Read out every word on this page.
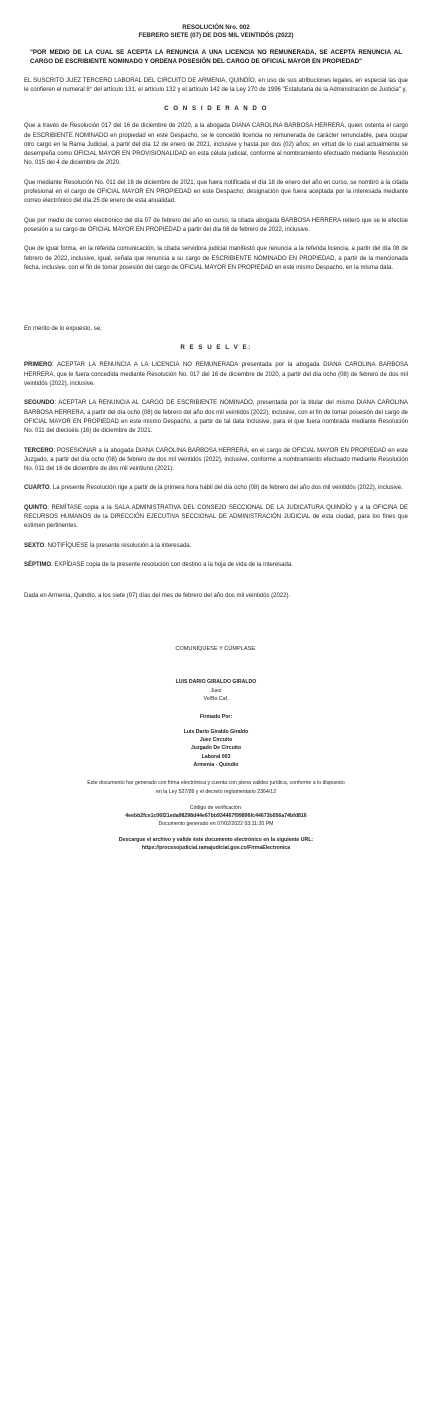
RESOLUCIÓN Nro. 002
FEBRERO SIETE (07) DE DOS MIL VEINTIDÓS (2022)

"POR MEDIO DE LA CUAL SE ACEPTA LA RENUNCIA A UNA LICENCIA NO REMUNERADA, SE ACEPTA RENUNCIA AL CARGO DE ESCRIBIENTE NOMINADO Y ORDENA POSESIÓN DEL CARGO DE OFICIAL MAYOR EN PROPIEDAD"

EL SUSCRITO JUEZ TERCERO LABORAL DEL CIRCUITO DE ARMENIA, QUINDÍO, en uso de sus atribuciones legales, en especial las que le confieren el numeral 8° del artículo 131, el artículo 132 y el artículo 142 de la Ley 270 de 1996 "Estatutaria de la Administración de Justicia" y,

C O N S I D E R A N D O

Que a través de Resolución 017 del 16 de diciembre de 2020, a la abogada DIANA CAROLINA BARBOSA HERRERA, quien ostenta el cargo de ESCRIBIENTE NOMINADO en propiedad en este Despacho, se le concedió licencia no remunerada de carácter renunciable, para ocupar otro cargo en la Rama Judicial, a partir del día 12 de enero de 2021, inclusive y hasta por dos (02) años; en virtud de lo cual actualmente se desempeña como OFICIAL MAYOR EN PROVISIONALIDAD en esta célula judicial, conforme al nombramiento efectuado mediante Resolución No. 015 del 4 de diciembre de 2020.

Que mediante Resolución No. 011 del 16 de diciembre de 2021, que fuera notificada el día 18 de enero del año en curso, se nombró a la citada profesional en el cargo de OFICIAL MAYOR EN PROPIEDAD en este Despacho; designación que fuera aceptada por la interesada mediante correo electrónico del día 25 de enero de esta anualidad.

Que por medio de correo electrónico del día 07 de febrero del año en curso, la citada abogada BARBOSA HERRERA reiteró que se le efectúe posesión a su cargo de OFICIAL MAYOR EN PROPIEDAD a partir del día 08 de febrero de 2022, inclusive.

Que de igual forma, en la referida comunicación, la citada servidora judicial manifestó que renuncia a la referida licencia, a partir del día 08 de febrero de 2022, inclusive, igual, señala que renuncia a su cargo de ESCRIBIENTE NOMINADO EN PROPIEDAD, a partir de la mencionada fecha, inclusive, con el fin de tomar posesión del cargo de OFICIAL MAYOR EN PROPIEDAD en este mismo Despacho, en la misma data.

En mérito de lo expuesto, se,

R E S U E L V E:

PRIMERO: ACEPTAR LA RENUNCIA A LA LICENCIA NO REMUNERADA presentada por la abogada DIANA CAROLINA BARBOSA HERRERA, que le fuera concedida mediante Resolución No. 017 del 16 de diciembre de 2020, a partir del día ocho (08) de febrero de dos mil veintidós (2022), inclusive.

SEGUNDO: ACEPTAR LA RENUNCIA AL CARGO DE ESCRIBIENTE NOMINADO, presentada por la titular del mismo DIANA CAROLINA BARBOSA HERRERA, a partir del día ocho (08) de febrero del año dos mil veintidós (2022), inclusive, con el fin de tomar posesión del cargo de OFICIAL MAYOR EN PROPIEDAD en este mismo Despacho, a partir de tal data inclusive, para el que fuera nombrada mediante Resolución No. 011 del dieciséis (16) de diciembre de 2021.

TERCERO: POSESIONAR a la abogada DIANA CAROLINA BARBOSA HERRERA, en el cargo de OFICIAL MAYOR EN PROPIEDAD en este Juzgado, a partir del día ocho (08) de febrero de dos mil veintidós (2022), inclusive, conforme a nombramiento efectuado mediante Resolución No. 011 del 16 de diciembre de dos mil veintiuno (2021).

CUARTO. La presente Resolución rige a partir de la primera hora hábil del día ocho (08) de febrero del año dos mil veintidós (2022), inclusive.

QUINTO. REMÍTASE copia a la SALA ADMINISTRATIVA DEL CONSEJO SECCIONAL DE LA JUDICATURA QUINDÍO y a la OFICINA DE RECURSOS HUMANOS de la DIRECCIÓN EJECUTIVA SECCIONAL DE ADMINISTRACIÓN JUDICIAL de esta ciudad, para los fines que estimen pertinentes.

SEXTO. NOTIFÍQUESE la presente resolución a la interesada.

SÉPTIMO. EXPÍDASE copia de la presente resolución con destino a la hoja de vida de la interesada.

Dada en Armenia, Quindío, a los siete (07) días del mes de febrero del año dos mil veintidós (2022).

COMUNÍQUESE Y CÚMPLASE.
LUIS DARIO GIRALDO GIRALDO
Juez
Vo/Bo.Caf.
Firmado Por:
Luis Dario Giraldo Giraldo
Juez Circuito
Juzgado De Circuito
Laboral 003
Armenia - Quindio
Este documento fue generado con firma electrónica y cuenta con plena validez jurídica, conforme a lo dispuesto en la Ley 527/99 y el decreto reglamentario 2364/12
Código de verificación:
4eebb2fce1c06f21eda98298d44e67bb934467f99896fc44673b056a74bfd816
Documento generado en 07/02/2022 03:11:20 PM
Descargue el archivo y valide éste documento electrónico en la siguiente URL:
https://procesojudicial.ramajudicial.gov.co/FirmaElectronica
